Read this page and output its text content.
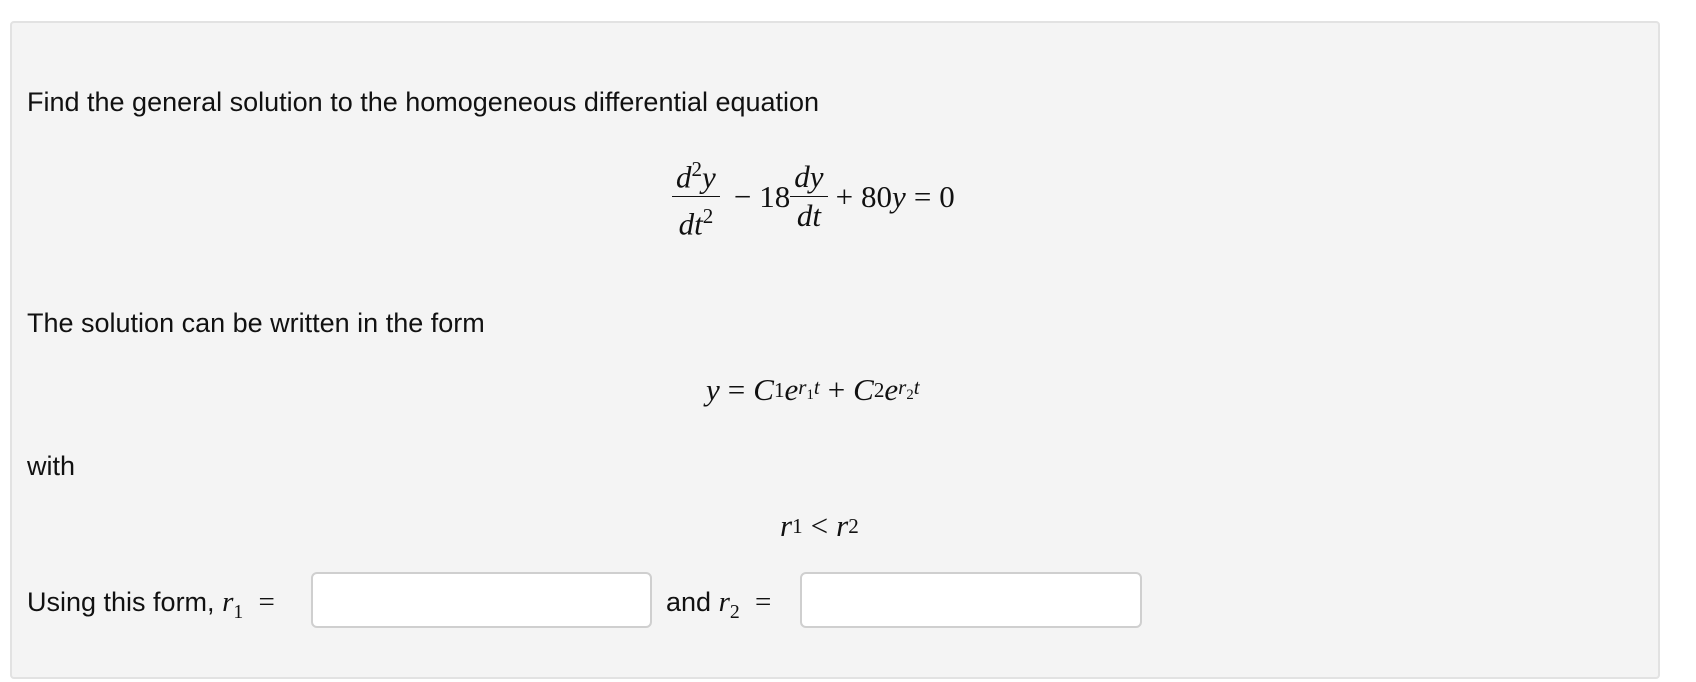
Find the general solution to the homogeneous differential equation
$\frac{d^2y}{dt^2} - 18 \frac{dy}{dt} + 80$ y = 0
The solution can be written in the form
y = C 1 e $r_1t + C$ 2 e $r_2t$
with
r 1 < r 2
Using this form, $r_1$ =	and $r_2$ =
